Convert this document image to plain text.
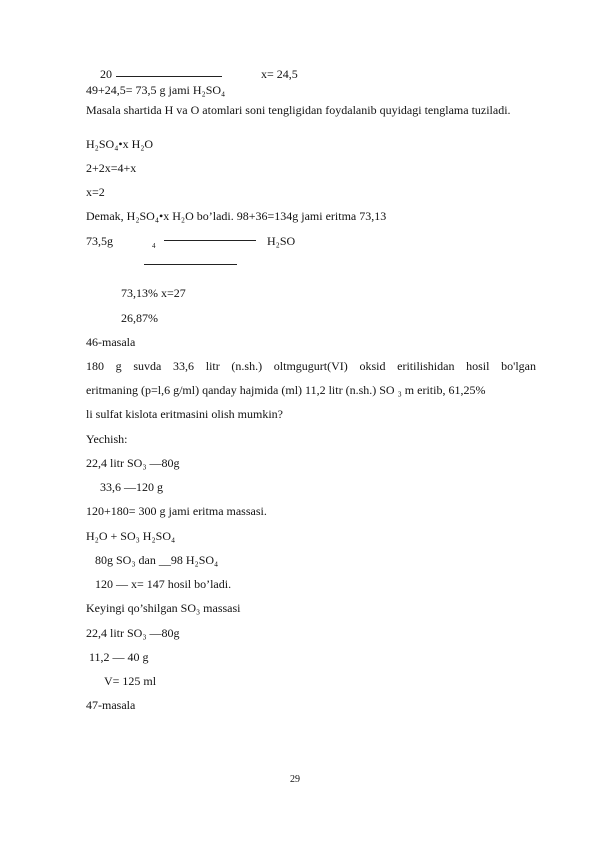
20	x= 24,5
49+24,5= 73,5 g jami H₂SO₄
Masala shartida H va O atomlari soni tengligidan foydalanib quyidagi tenglama tuziladi.
H₂SO₄•x H₂O
2+2x=4+x
x=2
Demak, H₂SO₄•x H₂O bo’ladi. 98+36=134g jami eritma 73,13
73,5g	4	H₂SO
73,13% x=27
26,87%
46-masala
180 g suvda 33,6 litr (n.sh.) oltmgugurt(VI) oksid eritilishidan hosil bo'lgan
eritmaning (p=l,6 g/ml) qanday hajmida (ml) 11,2 litr (n.sh.) SO ₃ m eritib, 61,25%
li sulfat kislota eritmasini olish mumkin?
Yechish:
22,4 litr SO₃ —80g
33,6 —120 g
120+180= 300 g jami eritma massasi.
H₂O + SO₃ H₂SO₄
80g SO₃ dan __98 H₂SO₄
120 — x= 147 hosil bo’ladi.
Keyingi qo’shilgan SO₃ massasi
22,4 litr SO₃ —80g
11,2 — 40 g
V= 125 ml
47-masala
29
